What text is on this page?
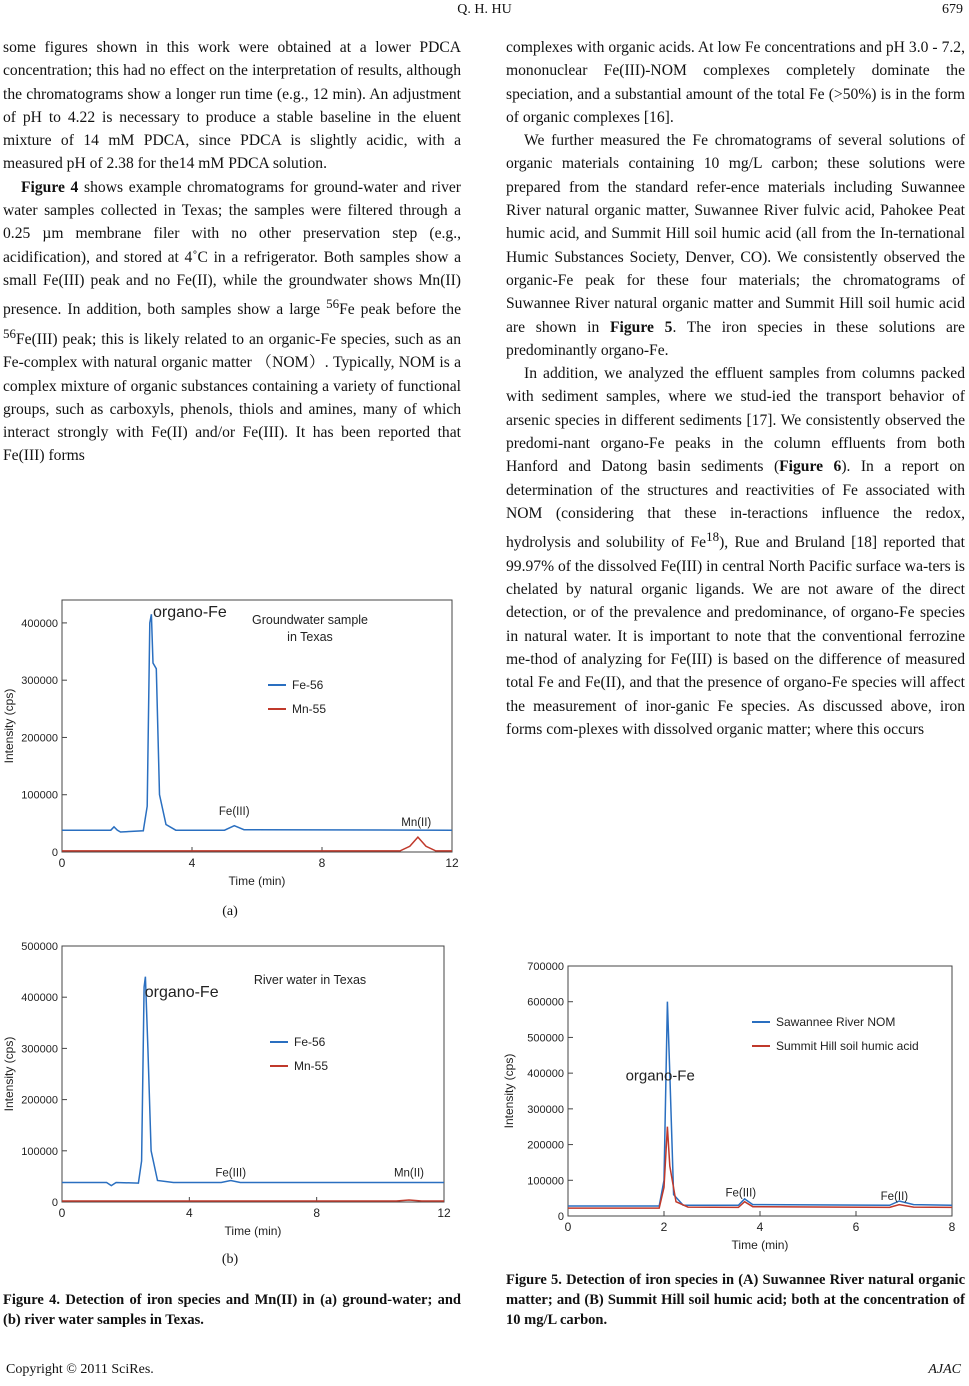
Q. H. HU	679

some figures shown in this work were obtained at a lower PDCA concentration; this had no effect on the interpretation of results, although the chromatograms show a longer run time (e.g., 12 min). An adjustment of pH to 4.22 is necessary to produce a stable baseline in the eluent mixture of 14 mM PDCA, since PDCA is slightly acidic, with a measured pH of 2.38 for the14 mM PDCA solution.

Figure 4 shows example chromatograms for ground-water and river water samples collected in Texas; the samples were filtered through a 0.25 µm membrane filer with no other preservation step (e.g., acidification), and stored at 4˚C in a refrigerator. Both samples show a small Fe(III) peak and no Fe(II), while the groundwater shows Mn(II) presence. In addition, both samples show a large $^{56}$Fe peak before the $^{56}$Fe(III) peak; this is likely related to an organic-Fe species, such as an Fe-complex with natural organic matter （NOM）. Typically, NOM is a complex mixture of organic substances containing a variety of functional groups, such as carboxyls, phenols, thiols and amines, many of which interact strongly with Fe(II) and/or Fe(III). It has been reported that Fe(III) forms

complexes with organic acids. At low Fe concentrations and pH 3.0 - 7.2, mononuclear Fe(III)-NOM complexes completely dominate the speciation, and a substantial amount of the total Fe (>50%) is in the form of organic complexes [16].

We further measured the Fe chromatograms of several solutions of organic materials containing 10 mg/L carbon; these solutions were prepared from the standard refer-ence materials including Suwannee River natural organic matter, Suwannee River fulvic acid, Pahokee Peat humic acid, and Summit Hill soil humic acid (all from the In-ternational Humic Substances Society, Denver, CO). We consistently observed the organic-Fe peak for these four materials; the chromatograms of Suwannee River natural organic matter and Summit Hill soil humic acid are shown in Figure 5. The iron species in these solutions are predominantly organo-Fe.

In addition, we analyzed the effluent samples from columns packed with sediment samples, where we stud-ied the transport behavior of arsenic species in different sediments [17]. We consistently observed the predomi-nant organo-Fe peaks in the column effluents from both Hanford and Datong basin sediments (Figure 6). In a report on determination of the structures and reactivities of Fe associated with NOM (considering that these in-teractions influence the redox, hydrolysis and solubility of Fe$^{18}$), Rue and Bruland [18] reported that 99.97% of the dissolved Fe(III) in central North Pacific surface wa-ters is chelated by natural organic ligands. We are not aware of the direct detection, or of the prevalence and predominance, of organo-Fe species in natural water. It is important to note that the conventional ferrozine me-thod of analyzing for Fe(III) is based on the difference of measured total Fe and Fe(II), and that the presence of organo-Fe species will affect the measurement of inor-ganic Fe species. As discussed above, iron forms com-plexes with dissolved organic matter; where this occurs

0
100000
200000
300000
400000
0	4	8	12
Time (min)
Intensity (cps)
Groundwater sample
in Texas
Fe-56
Mn-55
organo-Fe
Fe(III)
Mn(II)
(a)
0
100000
200000
300000
400000
500000
0	4	8	12
Time (min)
Intensity (cps)
River water in Texas
Fe-56
Mn-55
organo-Fe
Fe(III)	Mn(II)
(b)
Figure 4. Detection of iron species and Mn(II) in (a) ground-water; and (b) river water samples in Texas.
0
100000
200000
300000
400000
500000
600000
700000
0	2	4	6	8
Time (min)
Intensity (cps)
Sawannee River NOM
Summit Hill soil humic acid
organo-Fe
Fe(III)	Fe(II)
Figure 5. Detection of iron species in (A) Suwannee River natural organic matter; and (B) Summit Hill soil humic acid; both at the concentration of 10 mg/L carbon.
Copyright © 2011 SciRes.	AJAC
